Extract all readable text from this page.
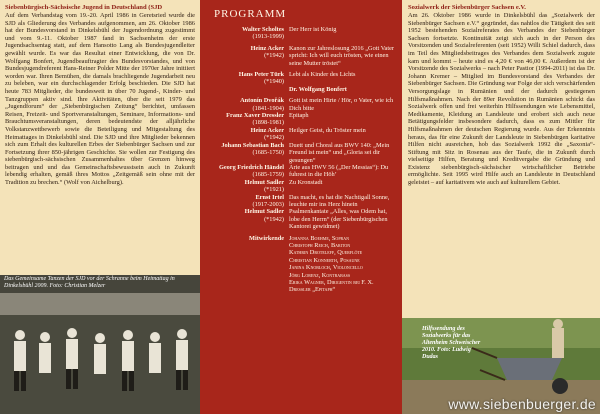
Siebenbürgisch-Sächsische Jugend in Deutschland (SJD

Auf dem Verbandstag vom 19.-20. April 1986 in Geretsried wurde die SJD als Gliederung des Verbandes aufgenommen, am 26. Oktober 1986 hat der Bundesvorstand in Dinkelsbühl der Jugendordnung zugestimmt und vom 9.-11. Oktober 1987 fand in Sachsenheim der erste Jugendsachsentag statt, auf dem Hansotto Lang als Bundesjugendleiter gewählt wurde. Es war das Resultat einer Entwicklung, die von Dr. Wolfgang Bonfert, Jugendbeauftragter des Bundesvorstandes, und von Bundesjugendreferent Hans-Reiner Polder Mitte der 1970er Jahre initiiert worden war. Ihren Bemühen, die damals brachliegende Jugendarbeit neu zu beleben, war ein durchschlagender Erfolg beschieden. Die SJD hat heute 783 Mitglieder, die bundesweit in über 70 Jugend-, Kinder- und Tanzgruppen aktiv sind. Ihre Aktivitäten, über die seit 1979 das „Jugendforum“ der „Siebenbürgischen Zeitung“ berichtet, umfassen Reisen, Freizeit- und Sportveranstaltungen, Seminare, Informations- und Brauchtumsveranstaltungen, deren bedeutendste der alljährliche Volkstanzwettbewerb sowie die Beteiligung und Mitgestaltung des Heimattages in Dinkelsbühl sind. Die SJD und ihre Mitglieder bekennen sich zum Erhalt des kulturellen Erbes der Siebenbürger Sachsen und zur Fortsetzung ihrer 850-jährigen Geschichte. Sie wollen zur Festigung des siebenbürgisch-sächsischen Zusammenhaltes über Grenzen hinweg beitragen und und das Gemeinschaftsbewusstsein auch in Zukunft lebendig erhalten, gemäß ihres Mottos „Zeitgemäß sein ohne mit der Tradition zu brechen.“ (Wolf von Aichelburg).

Das Gemeinsame Tanzen der SJD vor der Schranne beim Heimattag in Dinkelsbühl 2009. Foto: Christian Melzer
PROGRAMM
Walter Scholtes
(1913-1999)
Der Herr ist König
Heinz Acker
(*1942)
Kanon zur Jahreslosung 2016 „Gott Vater spricht: Ich will euch trösten, wie einen seine Mutter tröstet“
Hans Peter Türk
(*1940)
Lebt als Kinder des Lichts
Dr. Wolfgang Bonfert
Antonín Dvořák
(1841-1904)
Gott ist mein Hirte / Hör, o Vater, wie ich Dich bitte
Franz Xaver Dressler
(1898-1981)
Epitaph
Heinz Acker
(*1942)
Heilger Geist, du Tröster mein
Johann Sebastian Bach
(1685-1750)
Duett und Choral aus BWV 140: „Mein Freund ist mein“ und „Gloria sei dir gesungen“
Georg Friedrich Händel
(1685-1759)
Arie aus HWV 56 („Der Messias“): Du fuhrest in die Höh’
Helmut Sadler
(*1921)
Zu Kronstadt
Ernst Irtel
(1917-2003)
Das macht, es hat die Nachtigall Sonne, leuchte mir ins Herz hinein
Helmut Sadler
(*1942)
Psalmenkantate „Alles, was Odem hat, lobe den Herrn“ (der Siebenbürgischen Kantorei gewidmet)
Mitwirkende Johanna Boehme, Sopran
Christoph Reich, Bariton
Kathrin Droteleff, Querflöte
Christian Konnerth, Posaune
Janina Knobloch, Violoncello
Jörg Lorenz, Kontrabass
Erika Wagner, Dirigentin bei F. X. Dressler „Epitaph“
Sozialwerk der Siebenbürger Sachsen e.V.

Am 26. Oktober 1986 wurde in Dinkelsbühl das „Sozialwerk der Siebenbürger Sachsen e.V.“ gegründet, das nahtlos die Tätigkeit des seit 1952 bestehenden Sozialreferates des Verbandes der Siebenbürger Sachsen fortsetzte. Kontinuität zeigt sich auch in der Person des Vorsitzenden und Sozialreferenten (seit 1952) Willi Schiel dadurch, dass im Teil des Mitgliedsbeitrages des Verbandes dem Sozialwerk zugute kam und kommt – heute sind es 4,20 € von 46,00 €. Außerdem ist der Vorsitzende des Sozialwerks – nach Peter Pastior (1994-2011) ist das Dr. Johann Kremer – Mitglied im Bundesvorstand des Verbandes der Siebenbürger Sachsen. Die Gründung war Folge der sich verschärfenden Versorgungslage in Rumänien und der dadurch gestiegenen Hilfsmaßnahmen. Nach der 89er Revolution in Rumänien schickt das Sozialwerk offen und frei weiterhin Hilfssendungen wie Lebensmittel, Medikamente, Kleidung an Landsleute und erobert sich auch neue Betätigungsfelder insbesondere dadurch, dass es zum Mittler für Hilfsmaßnahmen der deutschen Regierung wurde. Aus der Erkenntnis heraus, das für eine Zukunft der Landsleute in Siebenbürgen karitative Hilfen nicht ausreichen, hob das Sozialwerk 1992 die „Saxonia“-Stiftung mit Sitz in Rosenau aus der Taufe, die in Zukunft durch vielseitige Hilfen, Beratung und Kreditvergabe die Gründung und Existenz siebenbürgisch-sächsischer wirtschaftlicher Betriebe ermöglichte. Seit 1995 wird Hilfe auch an Landsleute in Deutschland geleistet – auf karitativem wie auch auf kulturellem Gebiet.

Hilfssendung des Sozialwerks für das Altenheim Schweischer 2010. Foto: Ludwig Dudas
www.siebenbuerger.de
